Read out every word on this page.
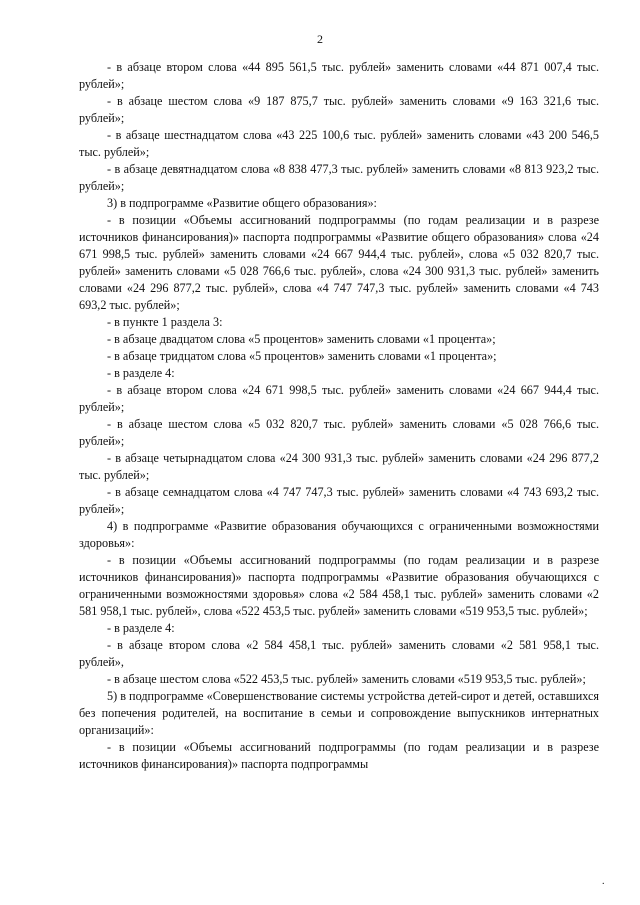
2

- в абзаце втором слова «44 895 561,5 тыс. рублей» заменить словами «44 871 007,4 тыс. рублей»;

- в абзаце шестом слова «9 187 875,7 тыс. рублей» заменить словами «9 163 321,6 тыс. рублей»;

- в абзаце шестнадцатом слова «43 225 100,6 тыс. рублей» заменить словами «43 200 546,5 тыс. рублей»;

- в абзаце девятнадцатом слова «8 838 477,3 тыс. рублей» заменить словами «8 813 923,2 тыс. рублей»;

3) в подпрограмме «Развитие общего образования»:

- в позиции «Объемы ассигнований подпрограммы (по годам реализации и в разрезе источников финансирования)» паспорта подпрограммы «Развитие общего образования» слова «24 671 998,5 тыс. рублей» заменить словами «24 667 944,4 тыс. рублей», слова «5 032 820,7 тыс. рублей» заменить словами «5 028 766,6 тыс. рублей», слова «24 300 931,3 тыс. рублей» заменить словами «24 296 877,2 тыс. рублей», слова «4 747 747,3 тыс. рублей» заменить словами «4 743 693,2 тыс. рублей»;

- в пункте 1 раздела 3:

- в абзаце двадцатом слова «5 процентов» заменить словами «1 процента»;

- в абзаце тридцатом слова «5 процентов» заменить словами «1 процента»;

- в разделе 4:

- в абзаце втором слова «24 671 998,5 тыс. рублей» заменить словами «24 667 944,4 тыс. рублей»;

- в абзаце шестом слова «5 032 820,7 тыс. рублей» заменить словами «5 028 766,6 тыс. рублей»;

- в абзаце четырнадцатом слова «24 300 931,3 тыс. рублей» заменить словами «24 296 877,2 тыс. рублей»;

- в абзаце семнадцатом слова «4 747 747,3 тыс. рублей» заменить словами «4 743 693,2 тыс. рублей»;

4) в подпрограмме «Развитие образования обучающихся с ограниченными возможностями здоровья»:

- в позиции «Объемы ассигнований подпрограммы (по годам реализации и в разрезе источников финансирования)» паспорта подпрограммы «Развитие образования обучающихся с ограниченными возможностями здоровья» слова «2 584 458,1 тыс. рублей» заменить словами «2 581 958,1 тыс. рублей», слова «522 453,5 тыс. рублей» заменить словами «519 953,5 тыс. рублей»;

- в разделе 4:

- в абзаце втором слова «2 584 458,1 тыс. рублей» заменить словами «2 581 958,1 тыс. рублей»,

- в абзаце шестом слова «522 453,5 тыс. рублей» заменить словами «519 953,5 тыс. рублей»;

5) в подпрограмме «Совершенствование системы устройства детей-сирот и детей, оставшихся без попечения родителей, на воспитание в семьи и сопровождение выпускников интернатных организаций»:

- в позиции «Объемы ассигнований подпрограммы (по годам реализации и в разрезе источников финансирования)» паспорта подпрограммы

.
